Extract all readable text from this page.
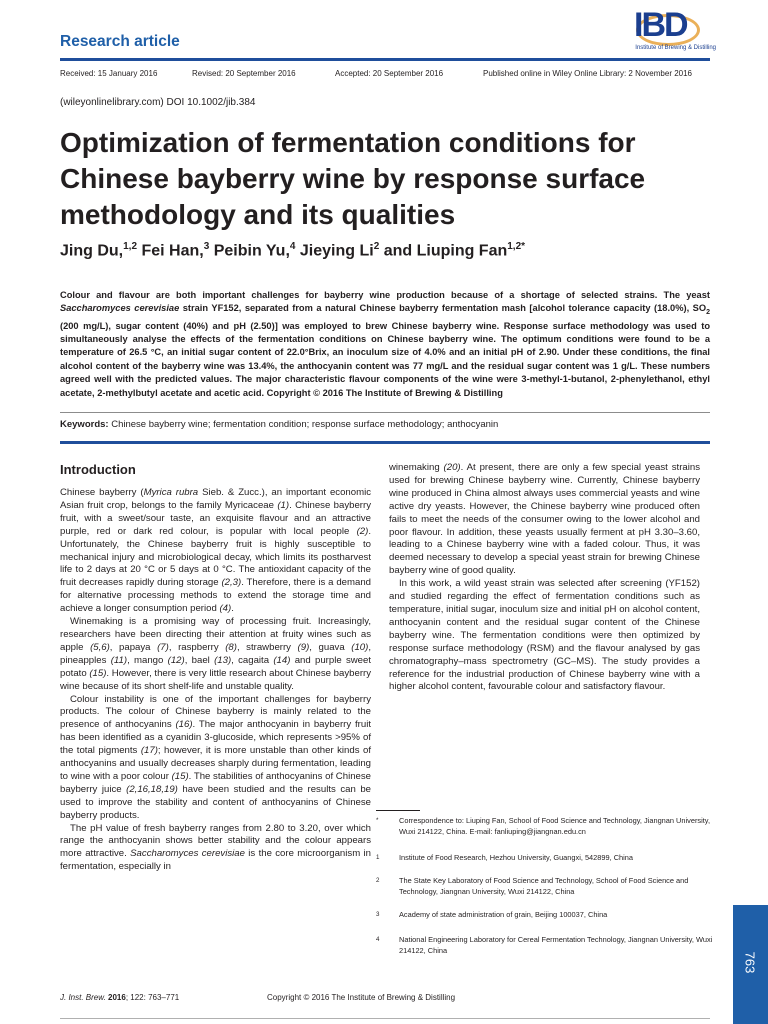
Research article	IBD
Institute of Brewing & Distilling
Received: 15 January 2016	Revised: 20 September 2016	Accepted: 20 September 2016	Published online in Wiley Online Library: 2 November 2016
(wileyonlinelibrary.com) DOI 10.1002/jib.384
Optimization of fermentation conditions for Chinese bayberry wine by response surface methodology and its qualities
Jing Du,$^{1,2}$ Fei Han,$^3$ Peibin Yu,$^4$ Jieying Li$^2$ and Liuping Fan$^{1,2*}$
Colour and flavour are both important challenges for bayberry wine production because of a shortage of selected strains. The yeast Saccharomyces cerevisiae strain YF152, separated from a natural Chinese bayberry fermentation mash [alcohol tolerance capacity (18.0%), $SO_2$ (200 mg/L), sugar content (40%) and pH (2.50)] was employed to brew Chinese bayberry wine. Response surface methodology was used to simultaneously analyse the effects of the fermentation conditions on Chinese bayberry wine. The optimum conditions were found to be a temperature of 26.5 °C, an initial sugar content of 22.0°Brix, an inoculum size of 4.0% and an initial pH of 2.90. Under these conditions, the final alcohol content of the bayberry wine was 13.4%, the anthocyanin content was 77 mg/L and the residual sugar content was 1 g/L. These numbers agreed well with the predicted values. The major characteristic flavour components of the wine were 3-methyl-1-butanol, 2-phenylethanol, ethyl acetate, 2-methylbutyl acetate and acetic acid. Copyright © 2016 The Institute of Brewing & Distilling
Keywords: Chinese bayberry wine; fermentation condition; response surface methodology; anthocyanin
Introduction

Chinese bayberry (Myrica rubra Sieb. & Zucc.), an important economic Asian fruit crop, belongs to the family Myricaceae (1). Chinese bayberry fruit, with a sweet/sour taste, an exquisite flavour and an attractive purple, red or dark red colour, is popular with local people (2). Unfortunately, the Chinese bayberry fruit is highly susceptible to mechanical injury and microbiological decay, which limits its postharvest life to 2 days at 20 °C or 5 days at 0 °C. The antioxidant capacity of the fruit decreases rapidly during storage (2,3). Therefore, there is a demand for alternative processing methods to extend the storage time and achieve a longer consumption period (4).

Winemaking is a promising way of processing fruit. Increasingly, researchers have been directing their attention at fruity wines such as apple (5,6), papaya (7), raspberry (8), strawberry (9), guava (10), pineapples (11), mango (12), bael (13), cagaita (14) and purple sweet potato (15). However, there is very little research about Chinese bayberry wine because of its short shelf-life and unstable quality.

Colour instability is one of the important challenges for bayberry products. The colour of Chinese bayberry is mainly related to the presence of anthocyanins (16). The major anthocyanin in bayberry fruit has been identified as a cyanidin 3-glucoside, which represents >95% of the total pigments (17); however, it is more unstable than other kinds of anthocyanins and usually decreases sharply during fermentation, leading to wine with a poor colour (15). The stabilities of anthocyanins of Chinese bayberry juice (2,16,18,19) have been studied and the results can be used to improve the stability and content of anthocyanins of Chinese bayberry products.

The pH value of fresh bayberry ranges from 2.80 to 3.20, over which range the anthocyanin shows better stability and the colour appears more attractive. Saccharomyces cerevisiae is the core microorganism in fermentation, especially in

winemaking (20). At present, there are only a few special yeast strains used for brewing Chinese bayberry wine. Currently, Chinese bayberry wine produced in China almost always uses commercial yeasts and wine active dry yeasts. However, the Chinese bayberry wine produced often fails to meet the needs of the consumer owing to the lower alcohol and poor flavour. In addition, these yeasts usually ferment at pH 3.30–3.60, leading to a Chinese bayberry wine with a faded colour. Thus, it was deemed necessary to develop a special yeast strain for brewing Chinese bayberry wine of good quality.

In this work, a wild yeast strain was selected after screening (YF152) and studied regarding the effect of fermentation conditions such as temperature, initial sugar, inoculum size and initial pH on alcohol content, anthocyanin content and the residual sugar content of the Chinese bayberry wine. The fermentation conditions were then optimized by response surface methodology (RSM) and the flavour analysed by gas chromatography–mass spectrometry (GC–MS). The study provides a reference for the industrial production of Chinese bayberry wine with a higher alcohol content, favourable colour and satisfactory flavour.

*	Correspondence to: Liuping Fan, School of Food Science and Technology, Jiangnan University, Wuxi 214122, China. E-mail: fanliuping@jiangnan.edu.cn
1	Institute of Food Research, Hezhou University, Guangxi, 542899, China
2	The State Key Laboratory of Food Science and Technology, School of Food Science and Technology, Jiangnan University, Wuxi 214122, China
3	Academy of state administration of grain, Beijing 100037, China
4	National Engineering Laboratory for Cereal Fermentation Technology, Jiangnan University, Wuxi 214122, China
J. Inst. Brew. 2016; 122: 763–771	Copyright © 2016 The Institute of Brewing & Distilling
763
